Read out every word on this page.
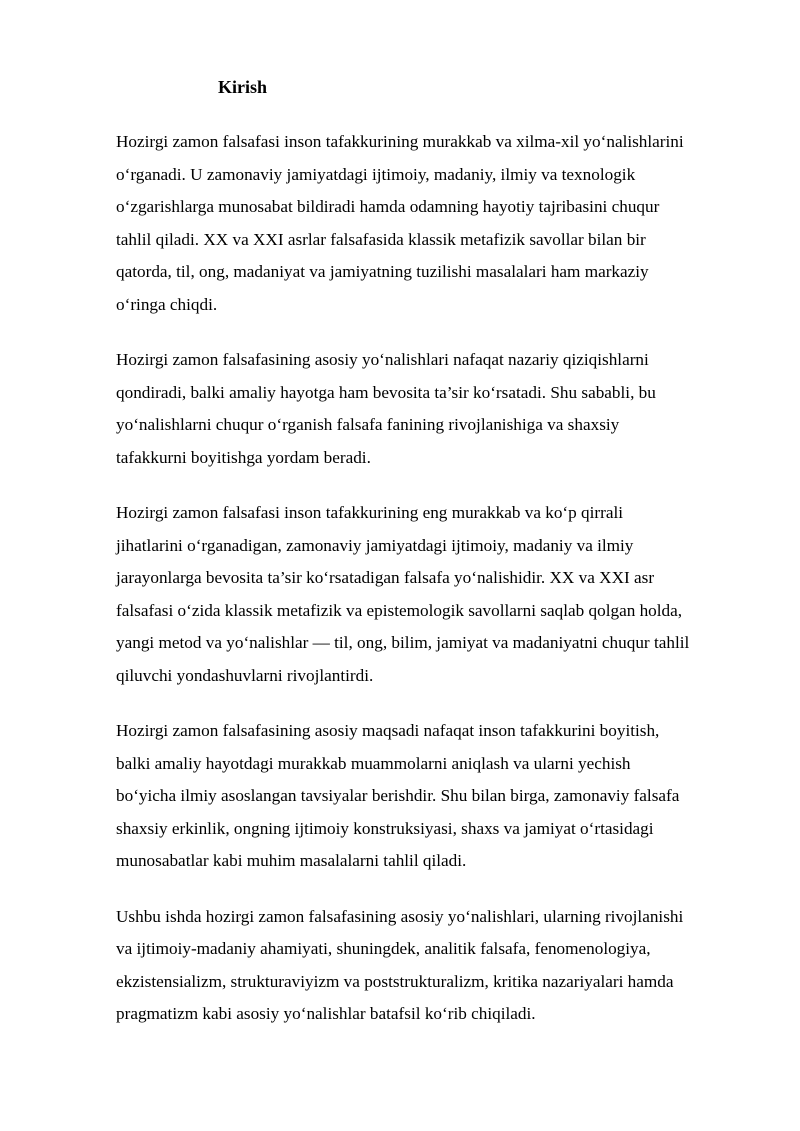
Kirish

Hozirgi zamon falsafasi inson tafakkurining murakkab va xilma-xil yo‘nalishlarini
o‘rganadi. U zamonaviy jamiyatdagi ijtimoiy, madaniy, ilmiy va texnologik
o‘zgarishlarga munosabat bildiradi hamda odamning hayotiy tajribasini chuqur
tahlil qiladi. XX va XXI asrlar falsafasida klassik metafizik savollar bilan bir
qatorda, til, ong, madaniyat va jamiyatning tuzilishi masalalari ham markaziy
o‘ringa chiqdi.

Hozirgi zamon falsafasining asosiy yo‘nalishlari nafaqat nazariy qiziqishlarni
qondiradi, balki amaliy hayotga ham bevosita ta’sir ko‘rsatadi. Shu sababli, bu
yo‘nalishlarni chuqur o‘rganish falsafa fanining rivojlanishiga va shaxsiy
tafakkurni boyitishga yordam beradi.

Hozirgi zamon falsafasi inson tafakkurining eng murakkab va ko‘p qirrali
jihatlarini o‘rganadigan, zamonaviy jamiyatdagi ijtimoiy, madaniy va ilmiy
jarayonlarga bevosita ta’sir ko‘rsatadigan falsafa yo‘nalishidir. XX va XXI asr
falsafasi o‘zida klassik metafizik va epistemologik savollarni saqlab qolgan holda,
yangi metod va yo‘nalishlar — til, ong, bilim, jamiyat va madaniyatni chuqur tahlil
qiluvchi yondashuvlarni rivojlantirdi.

Hozirgi zamon falsafasining asosiy maqsadi nafaqat inson tafakkurini boyitish,
balki amaliy hayotdagi murakkab muammolarni aniqlash va ularni yechish
bo‘yicha ilmiy asoslangan tavsiyalar berishdir. Shu bilan birga, zamonaviy falsafa
shaxsiy erkinlik, ongning ijtimoiy konstruksiyasi, shaxs va jamiyat o‘rtasidagi
munosabatlar kabi muhim masalalarni tahlil qiladi.

Ushbu ishda hozirgi zamon falsafasining asosiy yo‘nalishlari, ularning rivojlanishi
va ijtimoiy-madaniy ahamiyati, shuningdek, analitik falsafa, fenomenologiya,
ekzistensializm, strukturaviyizm va poststrukturalizm, kritika nazariyalari hamda
pragmatizm kabi asosiy yo‘nalishlar batafsil ko‘rib chiqiladi.
